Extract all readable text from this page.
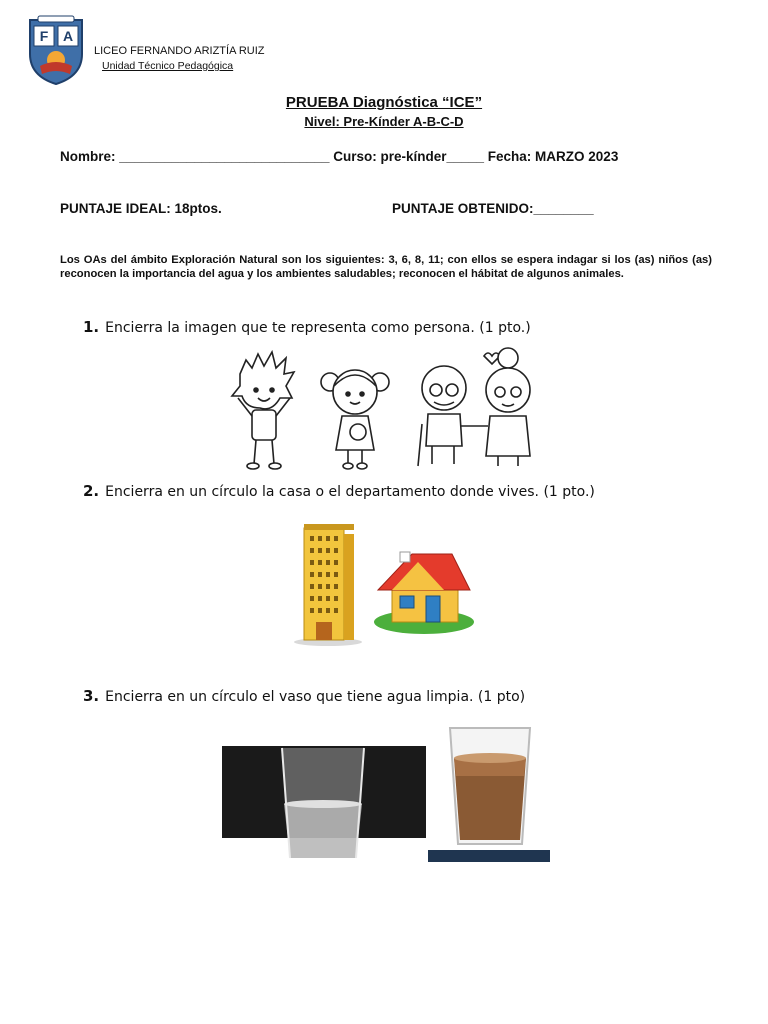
F A
LICEO FERNANDO ARIZTÍA RUIZ
Unidad Técnico Pedagógica
PRUEBA Diagnóstica “ICE”
Nivel: Pre-Kínder A-B-C-D
Nombre: ____________________________ Curso: pre-kínder_____ Fecha: MARZO 2023
PUNTAJE IDEAL: 18ptos.	PUNTAJE OBTENIDO:________
Los OAs del ámbito Exploración Natural son los siguientes: 3, 6, 8, 11; con ellos se espera indagar si los (as) niños (as) reconocen la importancia del agua y los ambientes saludables; reconocen el hábitat de algunos animales.
1. Encierra la imagen que te representa como persona. (1 pto.)
2. Encierra en un círculo la casa o el departamento donde vives. (1 pto.)
3. Encierra en un círculo el vaso que tiene agua limpia. (1 pto)
